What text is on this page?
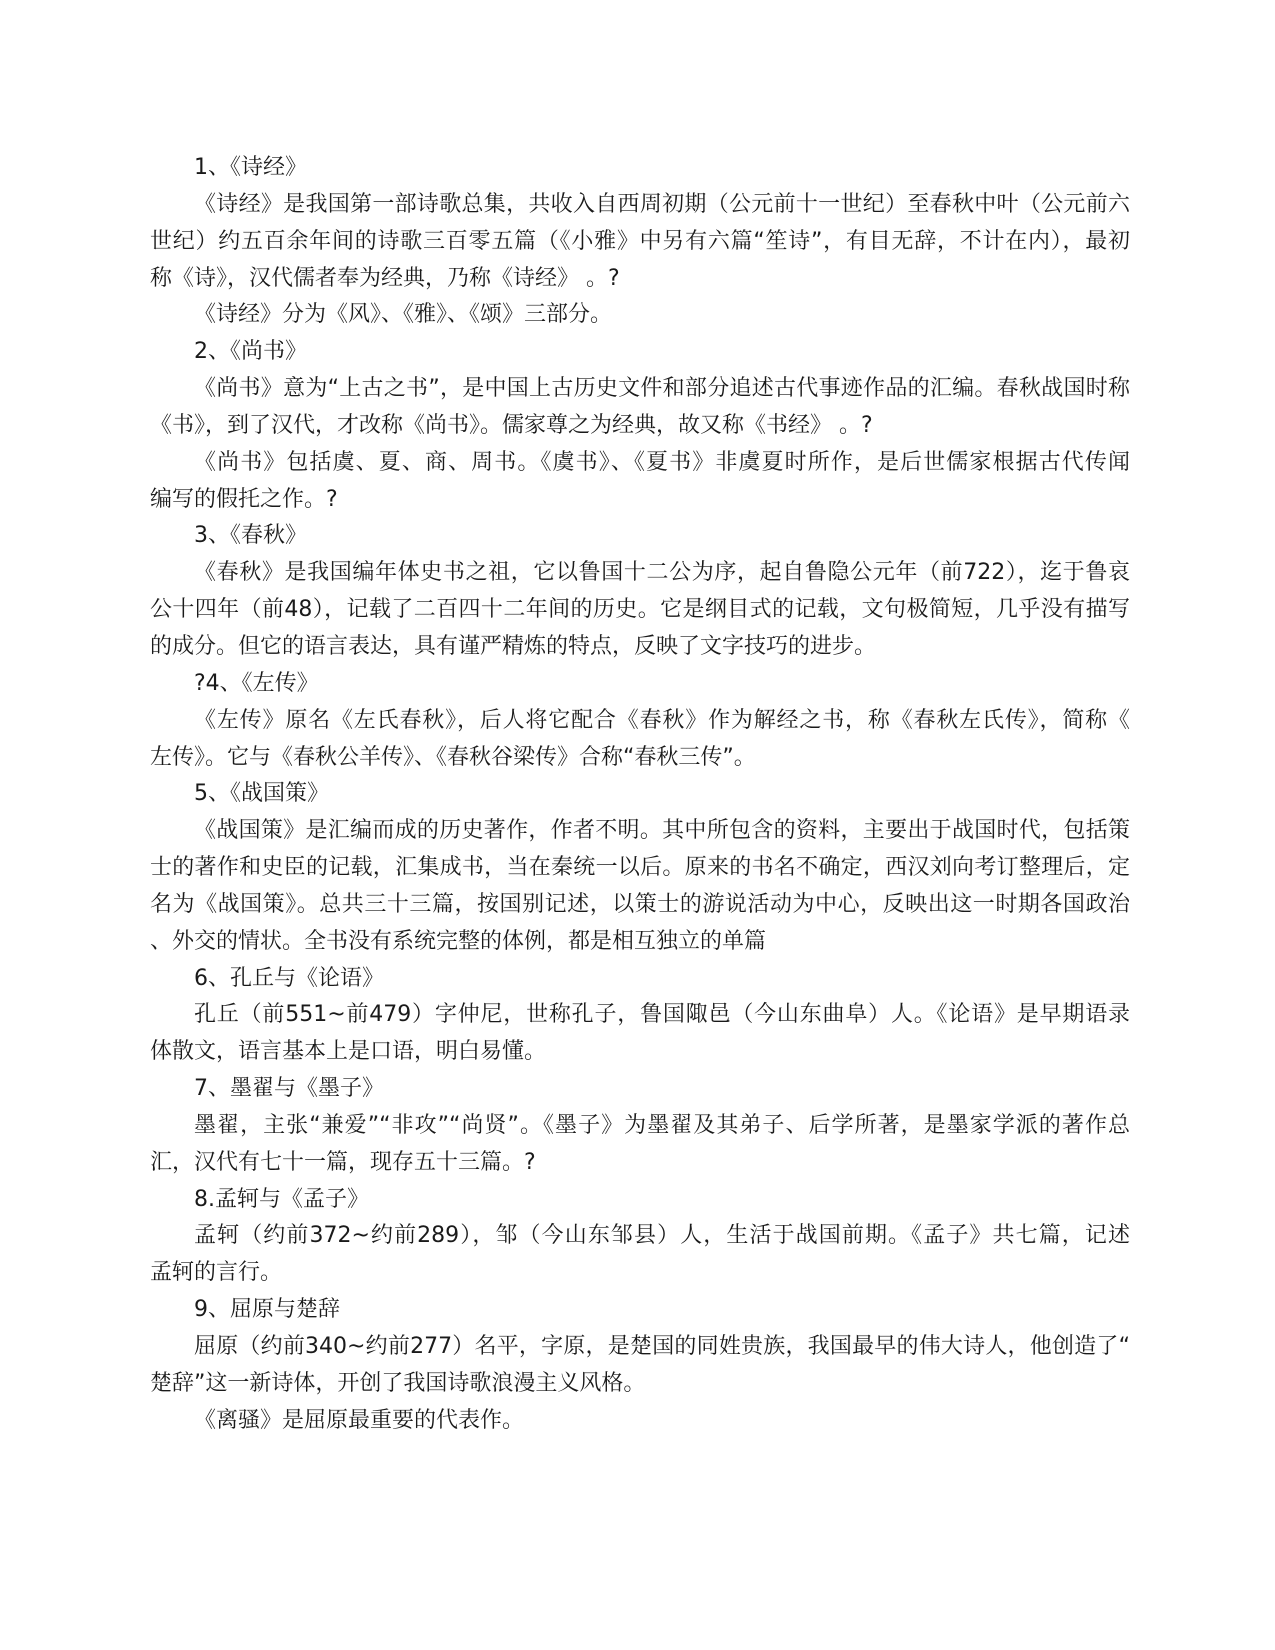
1、《诗经》
《诗经》是我国第一部诗歌总集，共收入自西周初期（公元前十一世纪）至春秋中叶（公元前六
世纪）约五百余年间的诗歌三百零五篇（《小雅》中另有六篇“笙诗”，有目无辞，不计在内），最初
称《诗》，汉代儒者奉为经典，乃称《诗经》 。?
《诗经》分为《风》、《雅》、《颂》三部分。
2、《尚书》
《尚书》意为“上古之书”，是中国上古历史文件和部分追述古代事迹作品的汇编。春秋战国时称
《书》，到了汉代，才改称《尚书》。儒家尊之为经典，故又称《书经》 。?
《尚书》包括虞、夏、商、周书。《虞书》、《夏书》非虞夏时所作，是后世儒家根据古代传闻
编写的假托之作。?
3、《春秋》
《春秋》是我国编年体史书之祖，它以鲁国十二公为序，起自鲁隐公元年（前722），迄于鲁哀
公十四年（前48），记载了二百四十二年间的历史。它是纲目式的记载，文句极简短，几乎没有描写
的成分。但它的语言表达，具有谨严精炼的特点，反映了文字技巧的进步。
?4、《左传》
《左传》原名《左氏春秋》，后人将它配合《春秋》作为解经之书，称《春秋左氏传》，简称《
左传》。它与《春秋公羊传》、《春秋谷梁传》合称“春秋三传”。
5、《战国策》
《战国策》是汇编而成的历史著作，作者不明。其中所包含的资料，主要出于战国时代，包括策
士的著作和史臣的记载，汇集成书，当在秦统一以后。原来的书名不确定，西汉刘向考订整理后，定
名为《战国策》。总共三十三篇，按国别记述，以策士的游说活动为中心，反映出这一时期各国政治
、外交的情状。全书没有系统完整的体例，都是相互独立的单篇
6、孔丘与《论语》
孔丘（前551~前479）字仲尼，世称孔子，鲁国陬邑（今山东曲阜）人。《论语》是早期语录
体散文，语言基本上是口语，明白易懂。
7、墨翟与《墨子》
墨翟，主张“兼爱”“非攻”“尚贤”。《墨子》为墨翟及其弟子、后学所著，是墨家学派的著作总
汇，汉代有七十一篇，现存五十三篇。?
8.孟轲与《孟子》
孟轲（约前372~约前289），邹（今山东邹县）人，生活于战国前期。《孟子》共七篇，记述
孟轲的言行。
9、屈原与楚辞
屈原（约前340~约前277）名平，字原，是楚国的同姓贵族，我国最早的伟大诗人，他创造了“
楚辞”这一新诗体，开创了我国诗歌浪漫主义风格。
《离骚》是屈原最重要的代表作。
